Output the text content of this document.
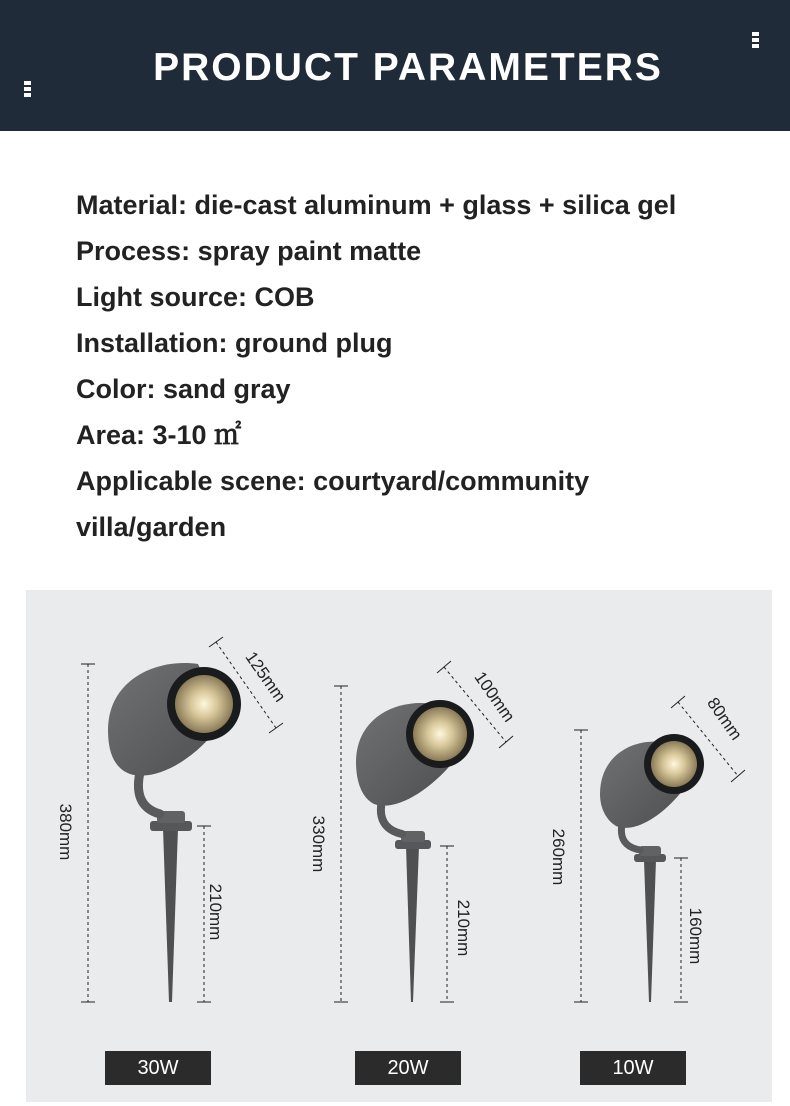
PRODUCT PARAMETERS
Material: die-cast aluminum + glass + silica gel
Process: spray paint matte
Light source: COB
Installation: ground plug
Color: sand gray
Area: 3-10 ㎡
Applicable scene: courtyard/community
villa/garden
380mm
210mm
125mm
330mm
210mm
100mm
260mm
160mm
80mm
30W	20W	10W
